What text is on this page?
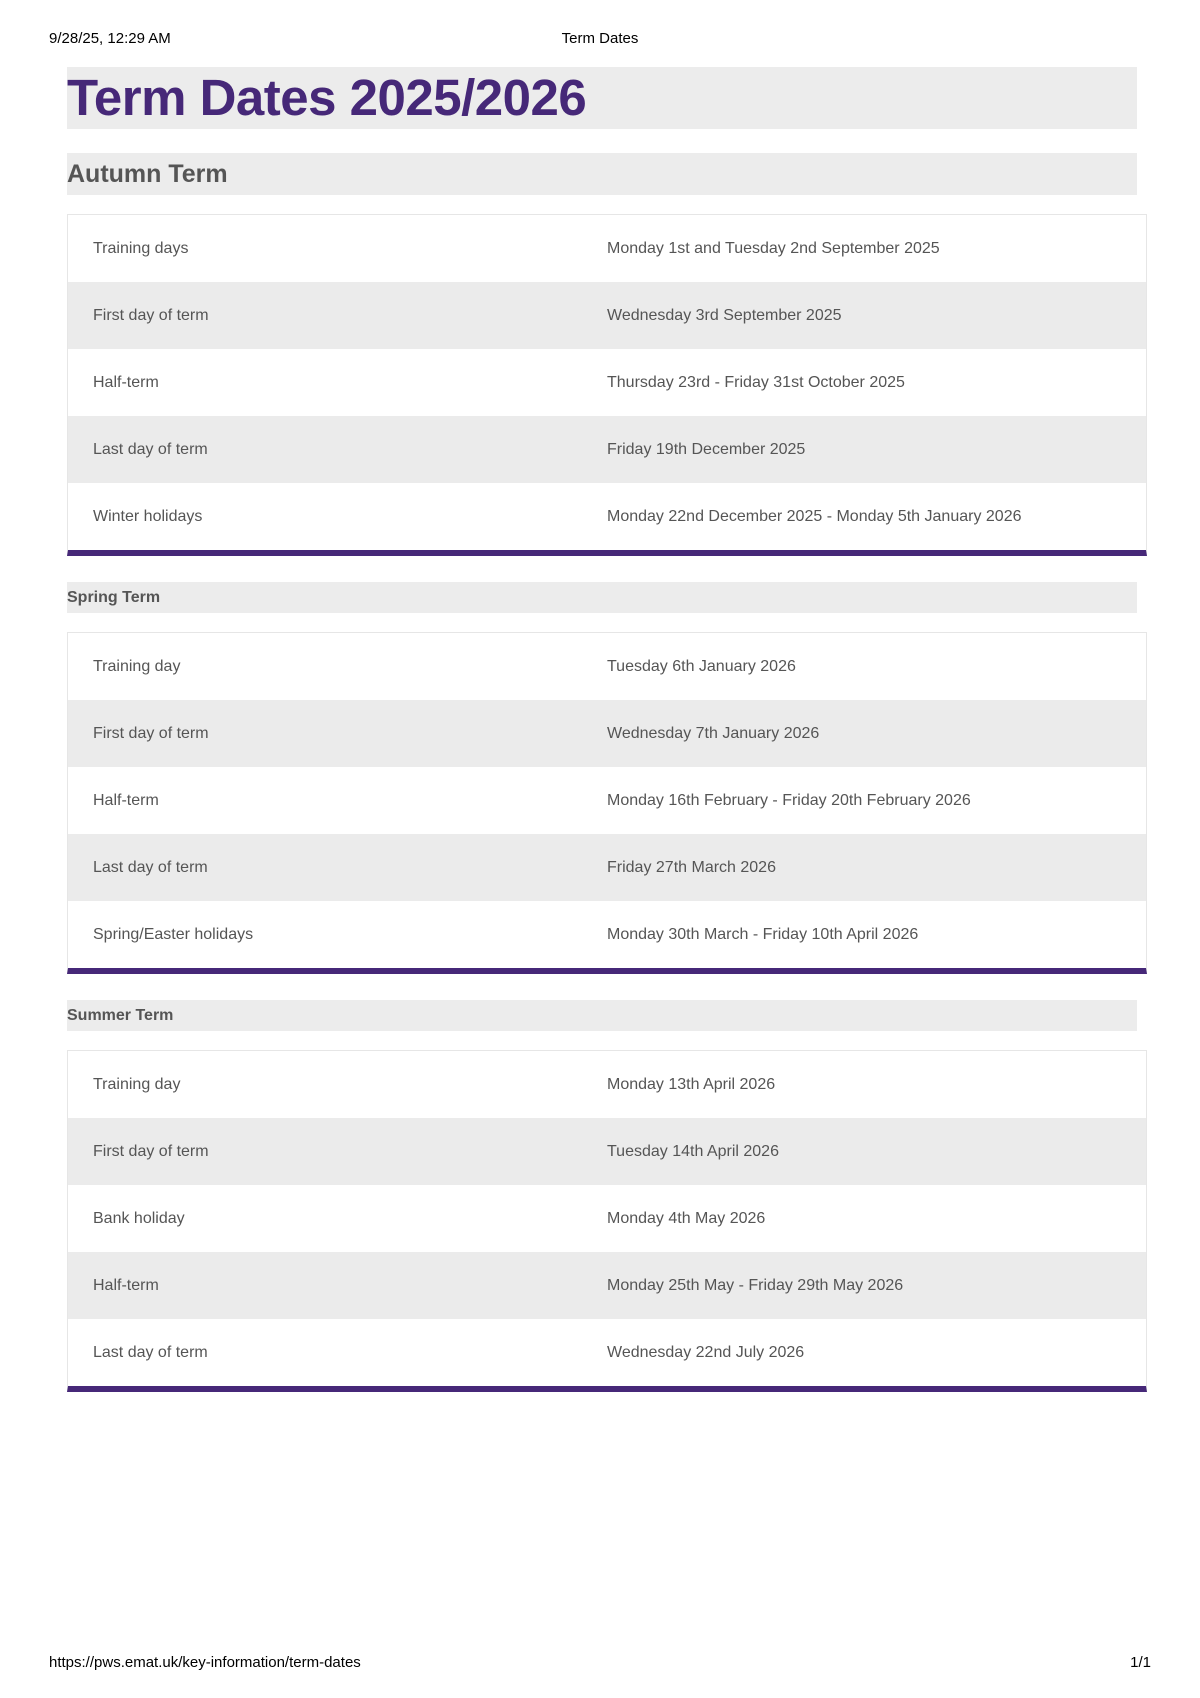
9/28/25, 12:29 AM	Term Dates
Term Dates 2025/2026
Autumn Term
Training days	Monday 1st and Tuesday 2nd September 2025
First day of term	Wednesday 3rd September 2025
Half-term	Thursday 23rd - Friday 31st October 2025
Last day of term	Friday 19th December 2025
Winter holidays	Monday 22nd December 2025 - Monday 5th January 2026
Spring Term
Training day	Tuesday 6th January 2026
First day of term	Wednesday 7th January 2026
Half-term	Monday 16th February - Friday 20th February 2026
Last day of term	Friday 27th March 2026
Spring/Easter holidays	Monday 30th March - Friday 10th April 2026
Summer Term
Training day	Monday 13th April 2026
First day of term	Tuesday 14th April 2026
Bank holiday	Monday 4th May 2026
Half-term	Monday 25th May - Friday 29th May 2026
Last day of term	Wednesday 22nd July 2026
https://pws.emat.uk/key-information/term-dates	1/1
